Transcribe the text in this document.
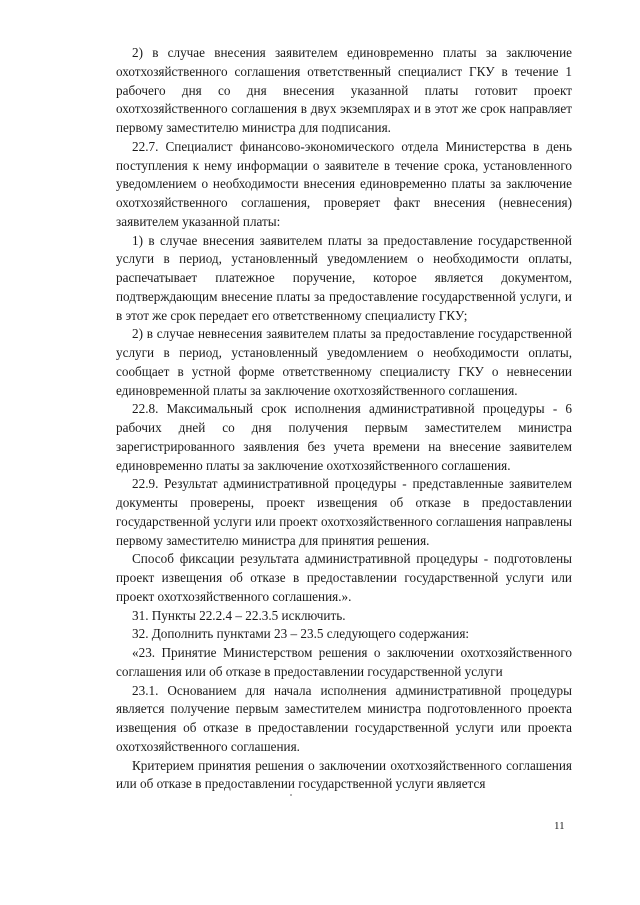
2) в случае внесения заявителем единовременно платы за заключение охотхозяйственного соглашения ответственный специалист ГКУ в течение 1 рабочего дня со дня внесения указанной платы готовит проект охотхозяйственного соглашения в двух экземплярах и в этот же срок направляет первому заместителю министра для подписания.

22.7. Специалист финансово-экономического отдела Министерства в день поступления к нему информации о заявителе в течение срока, установленного уведомлением о необходимости внесения единовременно платы за заключение охотхозяйственного соглашения, проверяет факт внесения (невнесения) заявителем указанной платы:

1) в случае внесения заявителем платы за предоставление государственной услуги в период, установленный уведомлением о необходимости оплаты, распечатывает платежное поручение, которое является документом, подтверждающим внесение платы за предоставление государственной услуги, и в этот же срок передает его ответственному специалисту ГКУ;

2) в случае невнесения заявителем платы за предоставление государственной услуги в период, установленный уведомлением о необходимости оплаты, сообщает в устной форме ответственному специалисту ГКУ о невнесении единовременной платы за заключение охотхозяйственного соглашения.

22.8. Максимальный срок исполнения административной процедуры - 6 рабочих дней со дня получения первым заместителем министра зарегистрированного заявления без учета времени на внесение заявителем единовременно платы за заключение охотхозяйственного соглашения.

22.9. Результат административной процедуры - представленные заявителем документы проверены, проект извещения об отказе в предоставлении государственной услуги или проект охотхозяйственного соглашения направлены первому заместителю министра для принятия решения.

Способ фиксации результата административной процедуры - подготовлены проект извещения об отказе в предоставлении государственной услуги или проект охотхозяйственного соглашения.».

31. Пункты 22.2.4 – 22.3.5 исключить.

32. Дополнить пунктами 23 – 23.5 следующего содержания:

«23. Принятие Министерством решения о заключении охотхозяйственного соглашения или об отказе в предоставлении государственной услуги

23.1. Основанием для начала исполнения административной процедуры является получение первым заместителем министра подготовленного проекта извещения об отказе в предоставлении государственной услуги или проекта охотхозяйственного соглашения.

Критерием принятия решения о заключении охотхозяйственного соглашения или об отказе в предоставлении государственной услуги является

11
